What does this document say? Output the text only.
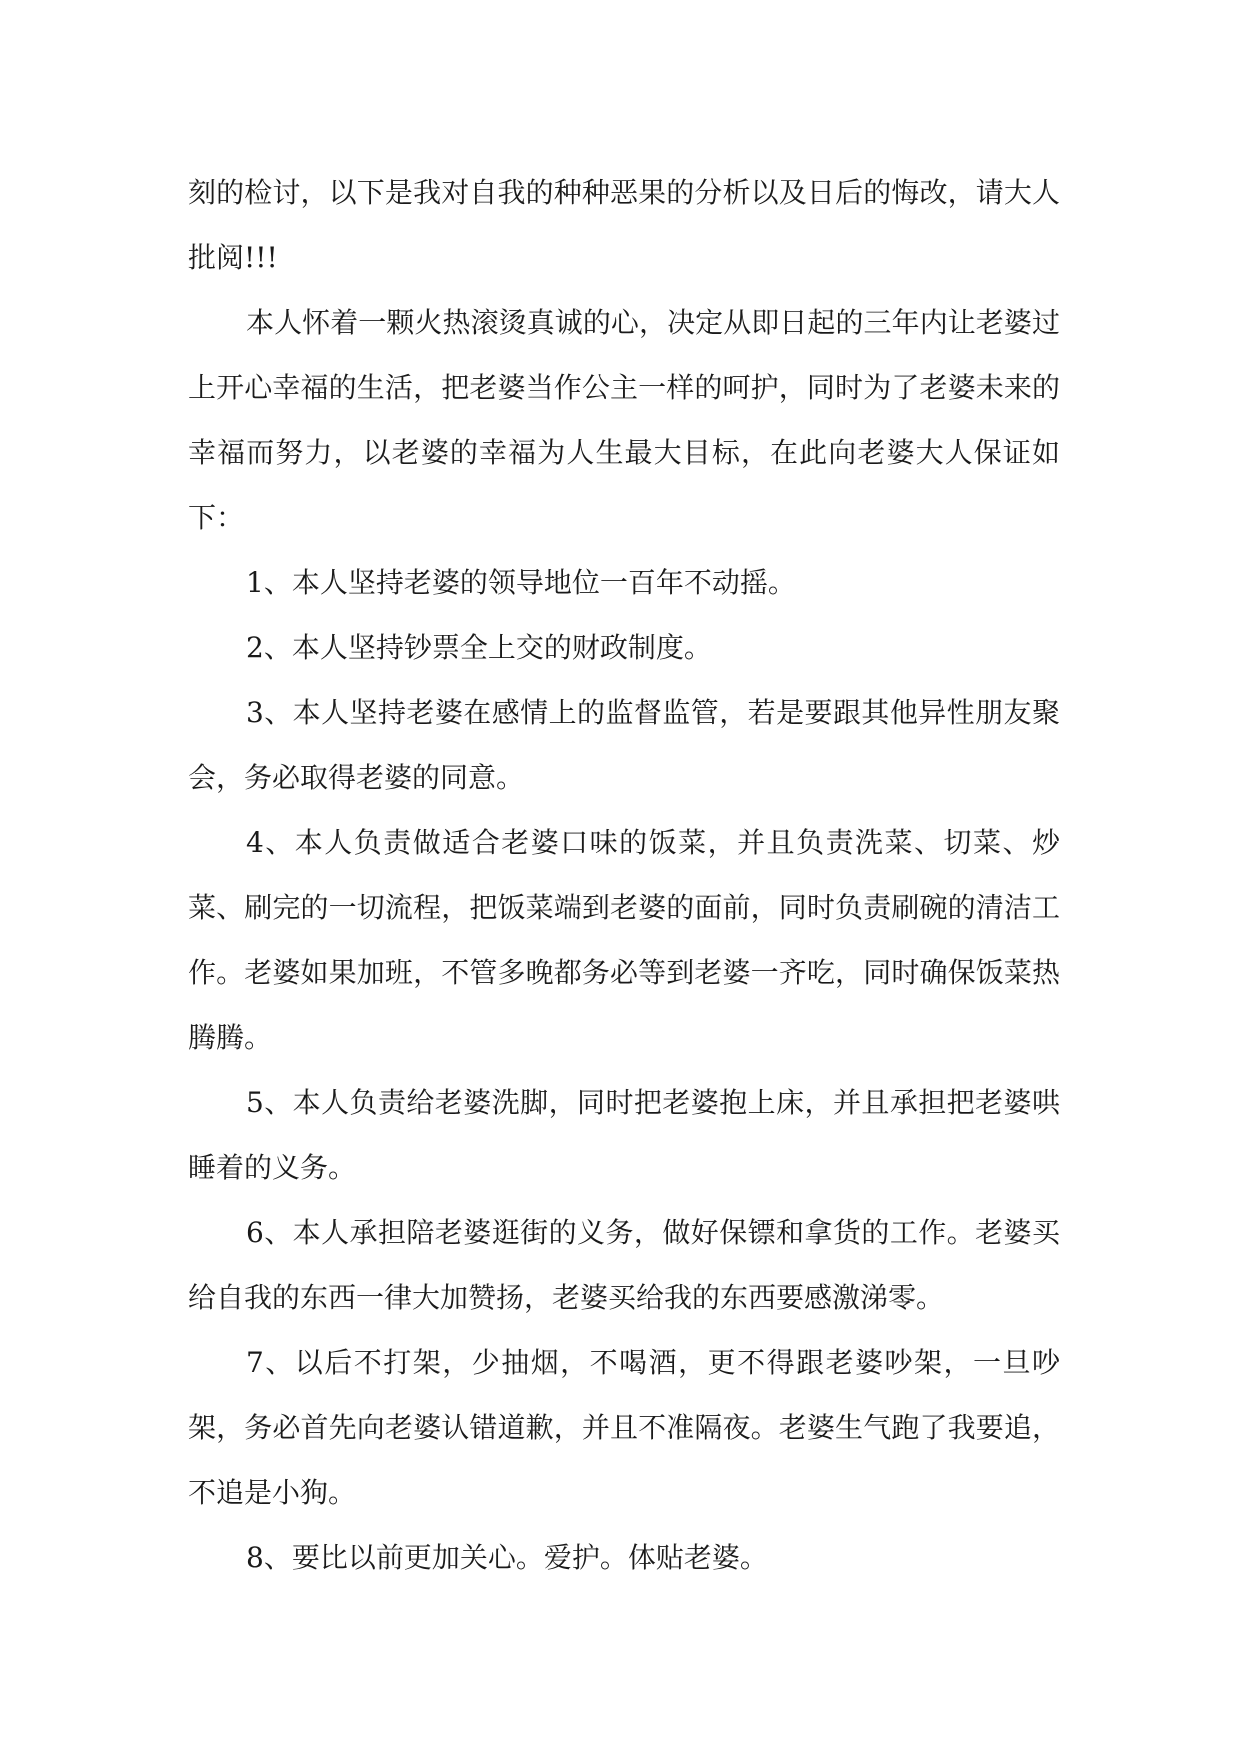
刻的检讨，以下是我对自我的种种恶果的分析以及日后的悔改，请大人批阅!!!

本人怀着一颗火热滚烫真诚的心，决定从即日起的三年内让老婆过上开心幸福的生活，把老婆当作公主一样的呵护，同时为了老婆未来的幸福而努力，以老婆的幸福为人生最大目标，在此向老婆大人保证如下：

1、本人坚持老婆的领导地位一百年不动摇。

2、本人坚持钞票全上交的财政制度。

3、本人坚持老婆在感情上的监督监管，若是要跟其他异性朋友聚会，务必取得老婆的同意。

4、本人负责做适合老婆口味的饭菜，并且负责洗菜、切菜、炒菜、刷完的一切流程，把饭菜端到老婆的面前，同时负责刷碗的清洁工作。老婆如果加班，不管多晚都务必等到老婆一齐吃，同时确保饭菜热腾腾。

5、本人负责给老婆洗脚，同时把老婆抱上床，并且承担把老婆哄睡着的义务。

6、本人承担陪老婆逛街的义务，做好保镖和拿货的工作。老婆买给自我的东西一律大加赞扬，老婆买给我的东西要感激涕零。

7、以后不打架，少抽烟，不喝酒，更不得跟老婆吵架，一旦吵架，务必首先向老婆认错道歉，并且不准隔夜。老婆生气跑了我要追，不追是小狗。

8、要比以前更加关心。爱护。体贴老婆。
